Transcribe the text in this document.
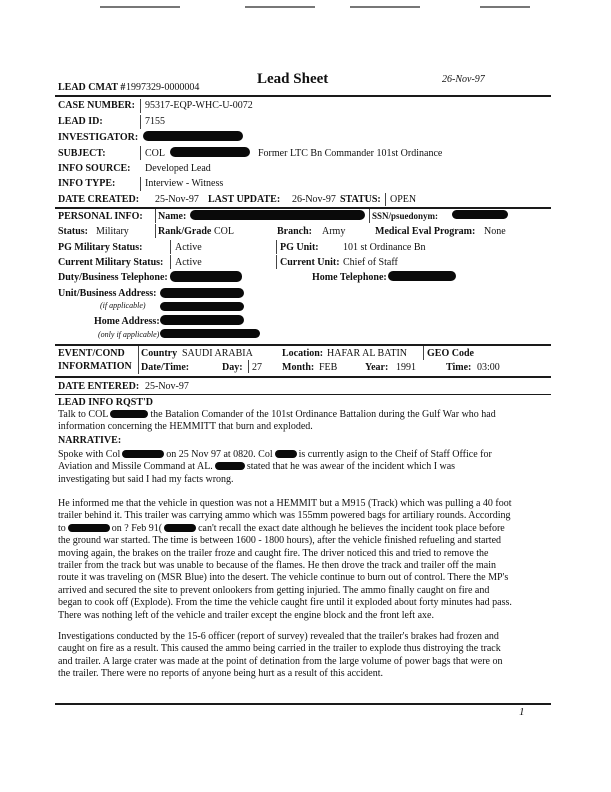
LEAD CMAT # 1997329-0000004
Lead Sheet	26-Nov-97
CASE NUMBER: 95317-EQP-WHC-U-0072
LEAD ID:	7155
INVESTIGATOR:
SUBJECT:	COL	Former LTC Bn Commander 101st Ordinance
INFO SOURCE: Developed Lead
INFO TYPE:	Interview - Witness
DATE CREATED: 25-Nov-97 LAST UPDATE: 26-Nov-97 STATUS: OPEN
PERSONAL INFO: Name:	SSN/psuedonym:
Status: Military	Rank/Grade COL	Branch: Army	Medical Eval Program: None
PG Military Status:	Active	PG Unit: 101 st Ordinance Bn
Current Military Status: Active	Current Unit: Chief of Staff
Duty/Business Telephone:	Home Telephone:
Unit/Business Address:
(if applicable)
Home Address:
(only if applicable)
EVENT/COND
INFORMATION
Country SAUDI ARABIA	Location: HAFAR AL BATIN GEO Code
Date/Time:	Day: 27 Month: FEB	Year: 1991	Time: 03:00
DATE ENTERED: 25-Nov-97
LEAD INFO RQST'D
Talk to COL	the Batalion Comander of the 101st Ordinance Battalion during the Gulf War who had
information concerning the HEMMITT that burn and exploded.
NARRATIVE:
Spoke with Col	on 25 Nov 97 at 0820. Col	is currently asign to the Cheif of Staff Office for
Aviation and Missile Command at AL.	stated that he was awear of the incident which I was
investigating but said I had my facts wrong.
He informed me that the vehicle in question was not a HEMMIT but a M915 (Track) which was pulling a 40 foot
trailer behind it. This trailer was carrying ammo which was 155mm powered bags for artiliary rounds. According
to	on ? Feb 91(	can't recall the exact date although he believes the incident took place before
the ground war started. The time is between 1600 - 1800 hours), after the vehicle finished refueling and started
moving again, the brakes on the trailer froze and caught fire. The driver noticed this and tried to remove the
trailer from the track but was unable to because of the flames. He then drove the track and trailer off the main
route it was traveling on (MSR Blue) into the desert. The vehicle continue to burn out of control. There the MP's
arrived and secured the site to prevent onlookers from getting injuried. The ammo finally caught on fire and
began to cook off (Explode). From the time the vehicle caught fire until it exploded about forty minutes had pass.
There was nothing left of the vehicle and trailer except the engine block and the front left axe.
Investigations conducted by the 15-6 officer (report of survey) revealed that the trailer's brakes had frozen and
caught on fire as a result. This caused the ammo being carried in the trailer to explode thus distroying the track
and trailer. A large crater was made at the point of detination from the large volume of power bags that were on
the trailer. There were no reports of anyone being hurt as a result of this accident.
1
